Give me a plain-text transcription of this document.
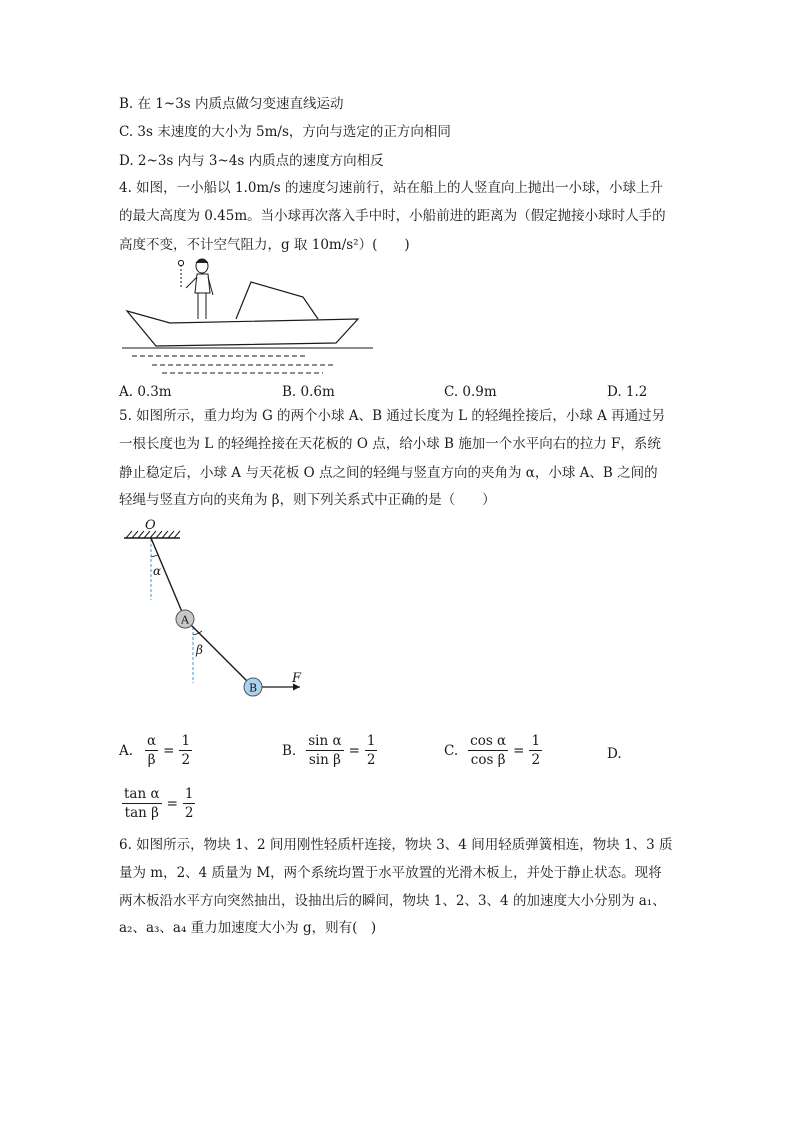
B. 在 1~3s 内质点做匀变速直线运动
C. 3s 末速度的大小为 5m/s，方向与选定的正方向相同
D. 2~3s 内与 3~4s 内质点的速度方向相反
4. 如图，一小船以 1.0m/s 的速度匀速前行，站在船上的人竖直向上抛出一小球，小球上升
的最大高度为 0.45m。当小球再次落入手中时，小船前进的距离为（假定抛接小球时人手的
高度不变，不计空气阻力，g 取 10m/s²）(　　)
A. 0.3m	B. 0.6m	C. 0.9m	D. 1.2
5. 如图所示，重力均为 G 的两个小球 A、B 通过长度为 L 的轻绳拴接后，小球 A 再通过另
一根长度也为 L 的轻绳拴接在天花板的 O 点，给小球 B 施加一个水平向右的拉力 F，系统
静止稳定后，小球 A 与天花板 O 点之间的轻绳与竖直方向的夹角为 α，小球 A、B 之间的
轻绳与竖直方向的夹角为 β，则下列关系式中正确的是（　　）
O
α
β
A
B
F
A. $\frac{\alpha}{\beta} = \frac{1}{2}$	B. $\frac{\text{sin α}}{\text{sin β}} = \frac{1}{2}$	C. $\frac{\text{cos α}}{\text{cos β}} = \frac{1}{2}$	D.
$\frac{\text{tan α}}{\text{tan β}} = \frac{1}{2}$
6. 如图所示，物块 1、2 间用刚性轻质杆连接，物块 3、4 间用轻质弹簧相连，物块 1、3 质
量为 m，2、4 质量为 M，两个系统均置于水平放置的光滑木板上，并处于静止状态。现将
两木板沿水平方向突然抽出，设抽出后的瞬间，物块 1、2、3、4 的加速度大小分别为 a₁、
a₂、a₃、a₄ 重力加速度大小为 g，则有(　)
